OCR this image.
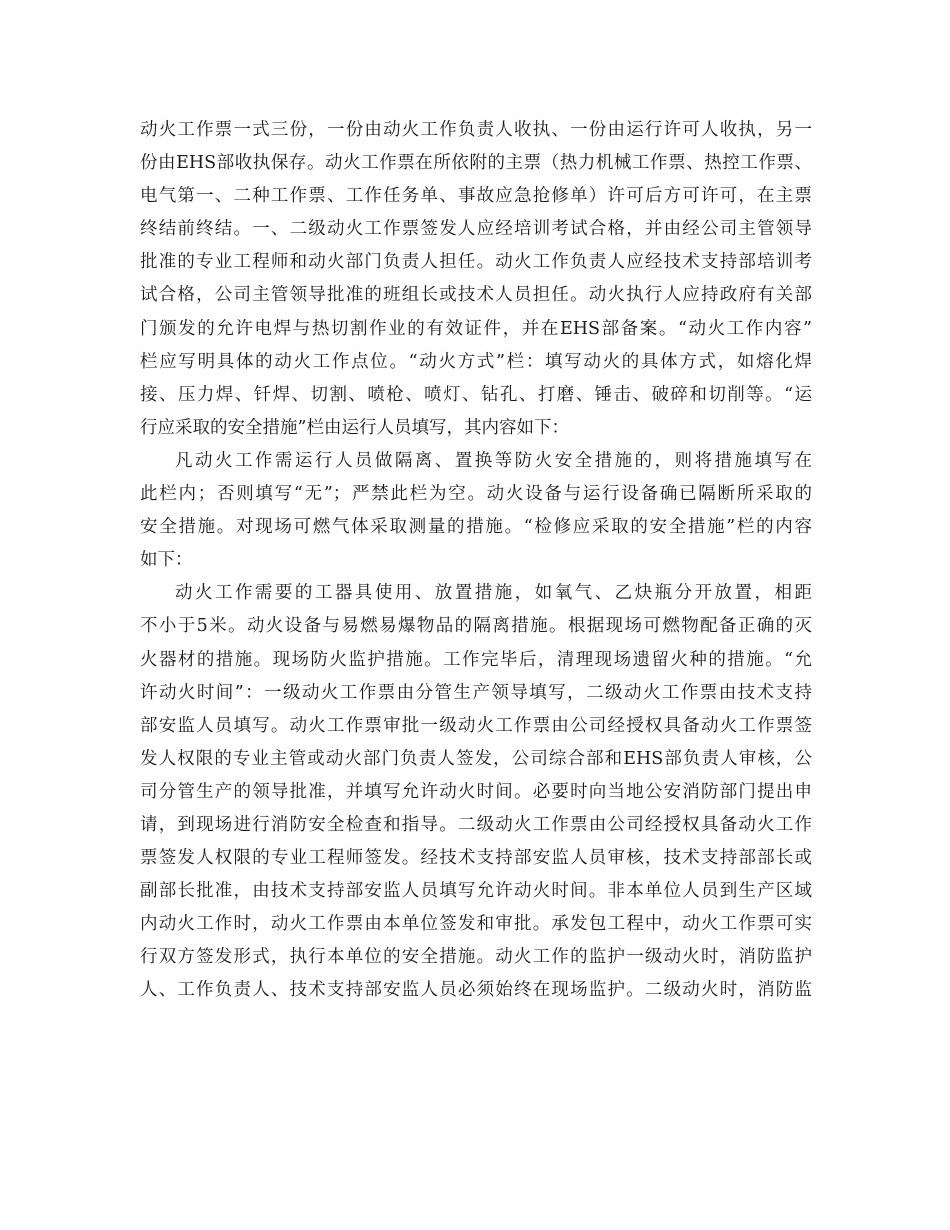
动火工作票一式三份，一份由动火工作负责人收执、一份由运行许可人收执，另一
份由EHS部收执保存。动火工作票在所依附的主票（热力机械工作票、热控工作票、
电气第一、二种工作票、工作任务单、事故应急抢修单）许可后方可许可，在主票
终结前终结。一、二级动火工作票签发人应经培训考试合格，并由经公司主管领导
批准的专业工程师和动火部门负责人担任。动火工作负责人应经技术支持部培训考
试合格，公司主管领导批准的班组长或技术人员担任。动火执行人应持政府有关部
门颁发的允许电焊与热切割作业的有效证件，并在EHS部备案。“动火工作内容”
栏应写明具体的动火工作点位。“动火方式”栏：填写动火的具体方式，如熔化焊
接、压力焊、钎焊、切割、喷枪、喷灯、钻孔、打磨、锤击、破碎和切削等。“运
行应采取的安全措施”栏由运行人员填写，其内容如下：
凡动火工作需运行人员做隔离、置换等防火安全措施的，则将措施填写在
此栏内；否则填写“无”；严禁此栏为空。动火设备与运行设备确已隔断所采取的
安全措施。对现场可燃气体采取测量的措施。“检修应采取的安全措施”栏的内容
如下：
动火工作需要的工器具使用、放置措施，如氧气、乙炔瓶分开放置，相距
不小于5米。动火设备与易燃易爆物品的隔离措施。根据现场可燃物配备正确的灭
火器材的措施。现场防火监护措施。工作完毕后，清理现场遗留火种的措施。“允
许动火时间”：一级动火工作票由分管生产领导填写，二级动火工作票由技术支持
部安监人员填写。动火工作票审批一级动火工作票由公司经授权具备动火工作票签
发人权限的专业主管或动火部门负责人签发，公司综合部和EHS部负责人审核，公
司分管生产的领导批准，并填写允许动火时间。必要时向当地公安消防部门提出申
请，到现场进行消防安全检查和指导。二级动火工作票由公司经授权具备动火工作
票签发人权限的专业工程师签发。经技术支持部安监人员审核，技术支持部部长或
副部长批准，由技术支持部安监人员填写允许动火时间。非本单位人员到生产区域
内动火工作时，动火工作票由本单位签发和审批。承发包工程中，动火工作票可实
行双方签发形式，执行本单位的安全措施。动火工作的监护一级动火时，消防监护
人、工作负责人、技术支持部安监人员必须始终在现场监护。二级动火时，消防监
